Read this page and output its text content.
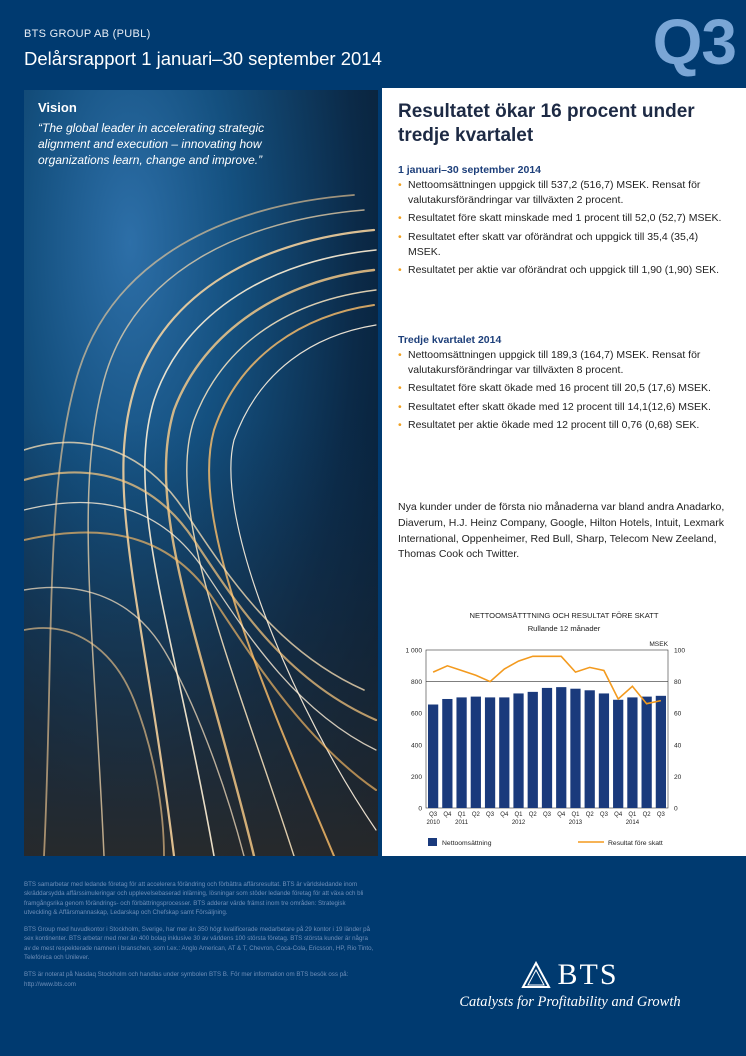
BTS GROUP AB (PUBL)
Delårsrapport 1 januari–30 september 2014	Q3
Vision
“The global leader in accelerating strategic alignment and execution – innovating how organizations learn, change and improve.”
Resultatet ökar 16 procent under tredje kvartalet
1 januari–30 september 2014
• Nettoomsättningen uppgick till 537,2 (516,7) MSEK. Rensat för valutakursförändringar var tillväxten 2 procent.
• Resultatet före skatt minskade med 1 procent till 52,0 (52,7) MSEK.
• Resultatet efter skatt var oförändrat och uppgick till 35,4 (35,4) MSEK.
• Resultatet per aktie var oförändrat och uppgick till 1,90 (1,90) SEK.
Tredje kvartalet 2014
• Nettoomsättningen uppgick till 189,3 (164,7) MSEK. Rensat för valutakursförändringar var tillväxten 8 procent.
• Resultatet före skatt ökade med 16 procent till 20,5 (17,6) MSEK.
• Resultatet efter skatt ökade med 12 procent till 14,1(12,6) MSEK.
• Resultatet per aktie ökade med 12 procent till 0,76 (0,68) SEK.
Nya kunder under de första nio månaderna var bland andra Anadarko, Diaverum, H.J. Heinz Company, Google, Hilton Hotels, Intuit, Lexmark International, Oppenheimer, Red Bull, Sharp, Telecom New Zeeland, Thomas Cook och Twitter.
NETTOOMSÄTTTNING OCH RESULTAT FÖRE SKATT
Rullande 12 månader
MSEK
0
200
400
600
800
1 000
0
20
40
60
80
100
Q3 Q4 Q1 Q2 Q3 Q4 Q1 Q2 Q3 Q4 Q1 Q2 Q3 Q4 Q1 Q2 Q3
2010	2011	2012	2013	2014
Nettoomsättning	Resultat före skatt

BTS samarbetar med ledande företag för att accelerera förändring och förbättra affärsresultat. BTS är världsledande inom skräddarsydda affärssimuleringar och upplevelsebaserad inlärning, lösningar som stöder ledande företag för att växa och bli framgångsrika genom förändrings- och förbättringsprocesser. BTS adderar värde främst inom tre områden: Strategisk utveckling & Affärsmannaskap, Ledarskap och Chefskap samt Försäljning.

BTS Group med huvudkontor i Stockholm, Sverige, har mer än 350 högt kvalificerade medarbetare på 29 kontor i 19 länder på sex kontinenter. BTS arbetar med mer än 400 bolag inklusive 30 av världens 100 största företag. BTS största kunder är några av de mest respekterade namnen i branschen, som t.ex.: Anglo American, AT & T, Chevron, Coca-Cola, Ericsson, HP, Rio Tinto, Telefónica och Unilever.

BTS är noterat på Nasdaq Stockholm och handlas under symbolen BTS B. För mer information om BTS besök oss på: http://www.bts.com	BTS
Catalysts for Profitability and Growth
